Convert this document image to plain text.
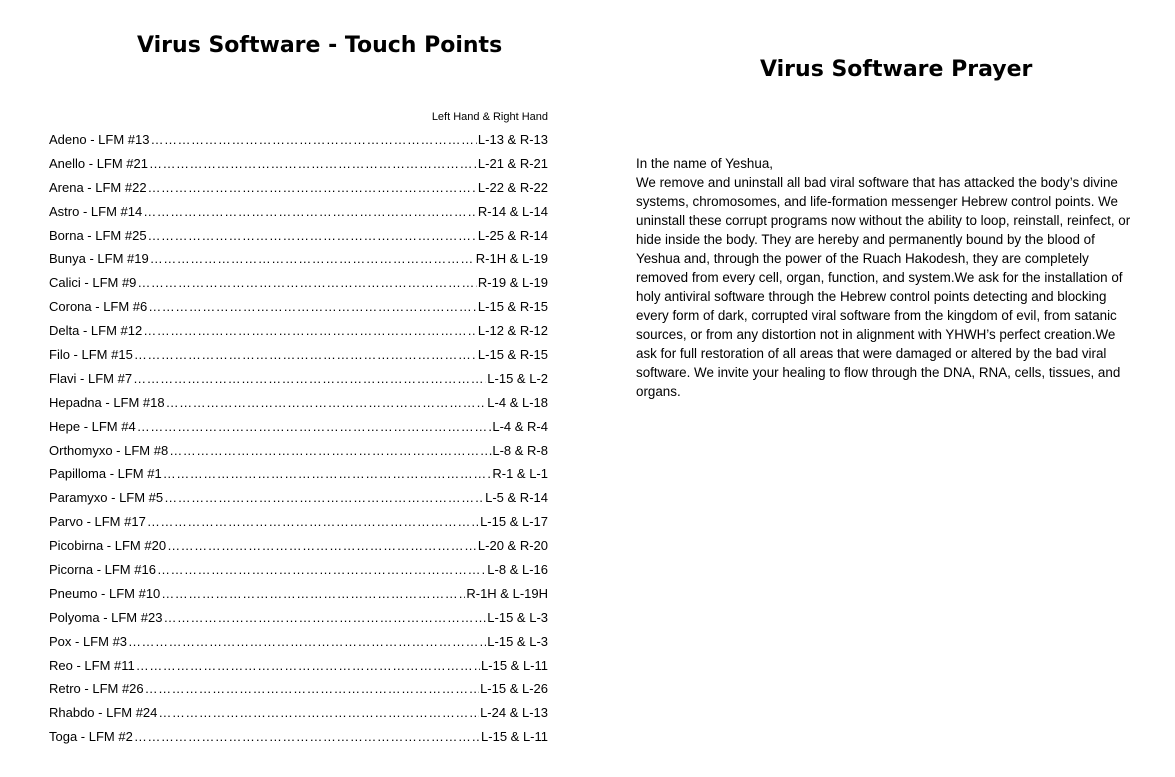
Virus Software - Touch Points
Left Hand & Right Hand
Adeno - LFM #13 ……………………………………………………………………………………………………………………………………………………	L-13 & R-13
Anello - LFM #21 ……………………………………………………………………………………………………………………………………………………	L-21 & R-21
Arena - LFM #22 ……………………………………………………………………………………………………………………………………………………	L-22 & R-22
Astro - LFM #14 ……………………………………………………………………………………………………………………………………………………	R-14 & L-14
Borna - LFM #25 ……………………………………………………………………………………………………………………………………………………	L-25 & R-14
Bunya - LFM #19 ……………………………………………………………………………………………………………………………………………………	R-1H & L-19
Calici - LFM #9 ……………………………………………………………………………………………………………………………………………………	R-19 & L-19
Corona - LFM #6 ……………………………………………………………………………………………………………………………………………………	L-15 & R-15
Delta - LFM #12 ……………………………………………………………………………………………………………………………………………………	L-12 & R-12
Filo - LFM #15 ……………………………………………………………………………………………………………………………………………………	L-15 & R-15
Flavi - LFM #7 ……………………………………………………………………………………………………………………………………………………	L-15 & L-2
Hepadna - LFM #18 ……………………………………………………………………………………………………………………………………………………	L-4 & L-18
Hepe - LFM #4 ……………………………………………………………………………………………………………………………………………………	L-4 & R-4
Orthomyxo - LFM #8 ……………………………………………………………………………………………………………………………………………………	.L-8 & R-8
Papilloma - LFM #1 ……………………………………………………………………………………………………………………………………………………	R-1 & L-1
Paramyxo - LFM #5 ……………………………………………………………………………………………………………………………………………………	L-5 & R-14
Parvo - LFM #17 ……………………………………………………………………………………………………………………………………………………	L-15 & L-17
Picobirna - LFM #20 ……………………………………………………………………………………………………………………………………………………	L-20 & R-20
Picorna - LFM #16 ……………………………………………………………………………………………………………………………………………………	L-8 & L-16
Pneumo - LFM #10 ……………………………………………………………………………………………………………………………………………………	R-1H & L-19H
Polyoma - LFM #23 ……………………………………………………………………………………………………………………………………………………	L-15 & L-3
Pox - LFM #3 ……………………………………………………………………………………………………………………………………………………	L-15 & L-3
Reo - LFM #11 ……………………………………………………………………………………………………………………………………………………	L-15 & L-11
Retro - LFM #26 ……………………………………………………………………………………………………………………………………………………	L-15 & L-26
Rhabdo - LFM #24 ……………………………………………………………………………………………………………………………………………………	L-24 & L-13
Toga - LFM #2 ……………………………………………………………………………………………………………………………………………………	L-15 & L-11
Virus Software Prayer

In the name of Yeshua,

We remove and uninstall all bad viral software that has attacked the body’s divine systems, chromosomes, and life-formation messenger Hebrew control points. We uninstall these corrupt programs now without the ability to loop, reinstall, reinfect, or hide inside the body. They are hereby and permanently bound by the blood of Yeshua and, through the power of the Ruach Hakodesh, they are completely removed from every cell, organ, function, and system.We ask for the installation of holy antiviral software through the Hebrew control points detecting and blocking every form of dark, corrupted viral software from the kingdom of evil, from satanic sources, or from any distortion not in alignment with YHWH’s perfect creation.We ask for full restoration of all areas that were damaged or altered by the bad viral software. We invite your healing to flow through the DNA, RNA, cells, tissues, and organs.
